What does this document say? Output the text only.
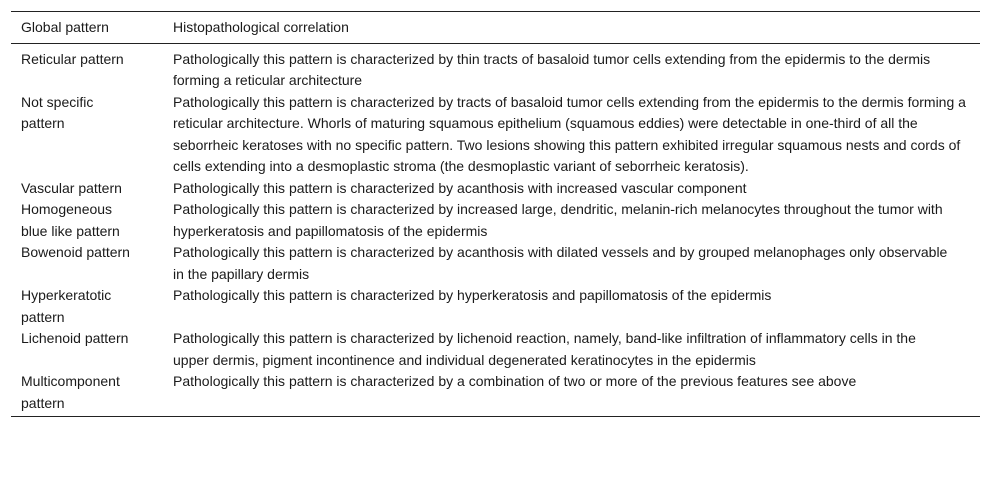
Global pattern	Histopathological correlation

Reticular pattern	Pathologically this pattern is characterized by thin tracts of basaloid tumor cells extending from the epidermis to the dermis forming a reticular architecture

Not specific pattern	Pathologically this pattern is characterized by tracts of basaloid tumor cells extending from the epidermis to the dermis forming a reticular architecture. Whorls of maturing squamous epithelium (squamous eddies) were detectable in one-third of all the seborrheic keratoses with no specific pattern. Two lesions showing this pattern exhibited irregular squamous nests and cords of cells extending into a desmoplastic stroma (the desmoplastic variant of seborrheic keratosis).

Vascular pattern	Pathologically this pattern is characterized by acanthosis with increased vascular component

Homogeneous blue like pattern	Pathologically this pattern is characterized by increased large, dendritic, melanin-rich melanocytes throughout the tumor with hyperkeratosis and papillomatosis of the epidermis

Bowenoid pattern	Pathologically this pattern is characterized by acanthosis with dilated vessels and by grouped melanophages only observable in the papillary dermis

Hyperkeratotic pattern	Pathologically this pattern is characterized by hyperkeratosis and papillomatosis of the epidermis

Lichenoid pattern	Pathologically this pattern is characterized by lichenoid reaction, namely, band-like infiltration of inflammatory cells in the upper dermis, pigment incontinence and individual degenerated keratinocytes in the epidermis

Multicomponent pattern	Pathologically this pattern is characterized by a combination of two or more of the previous features see above
